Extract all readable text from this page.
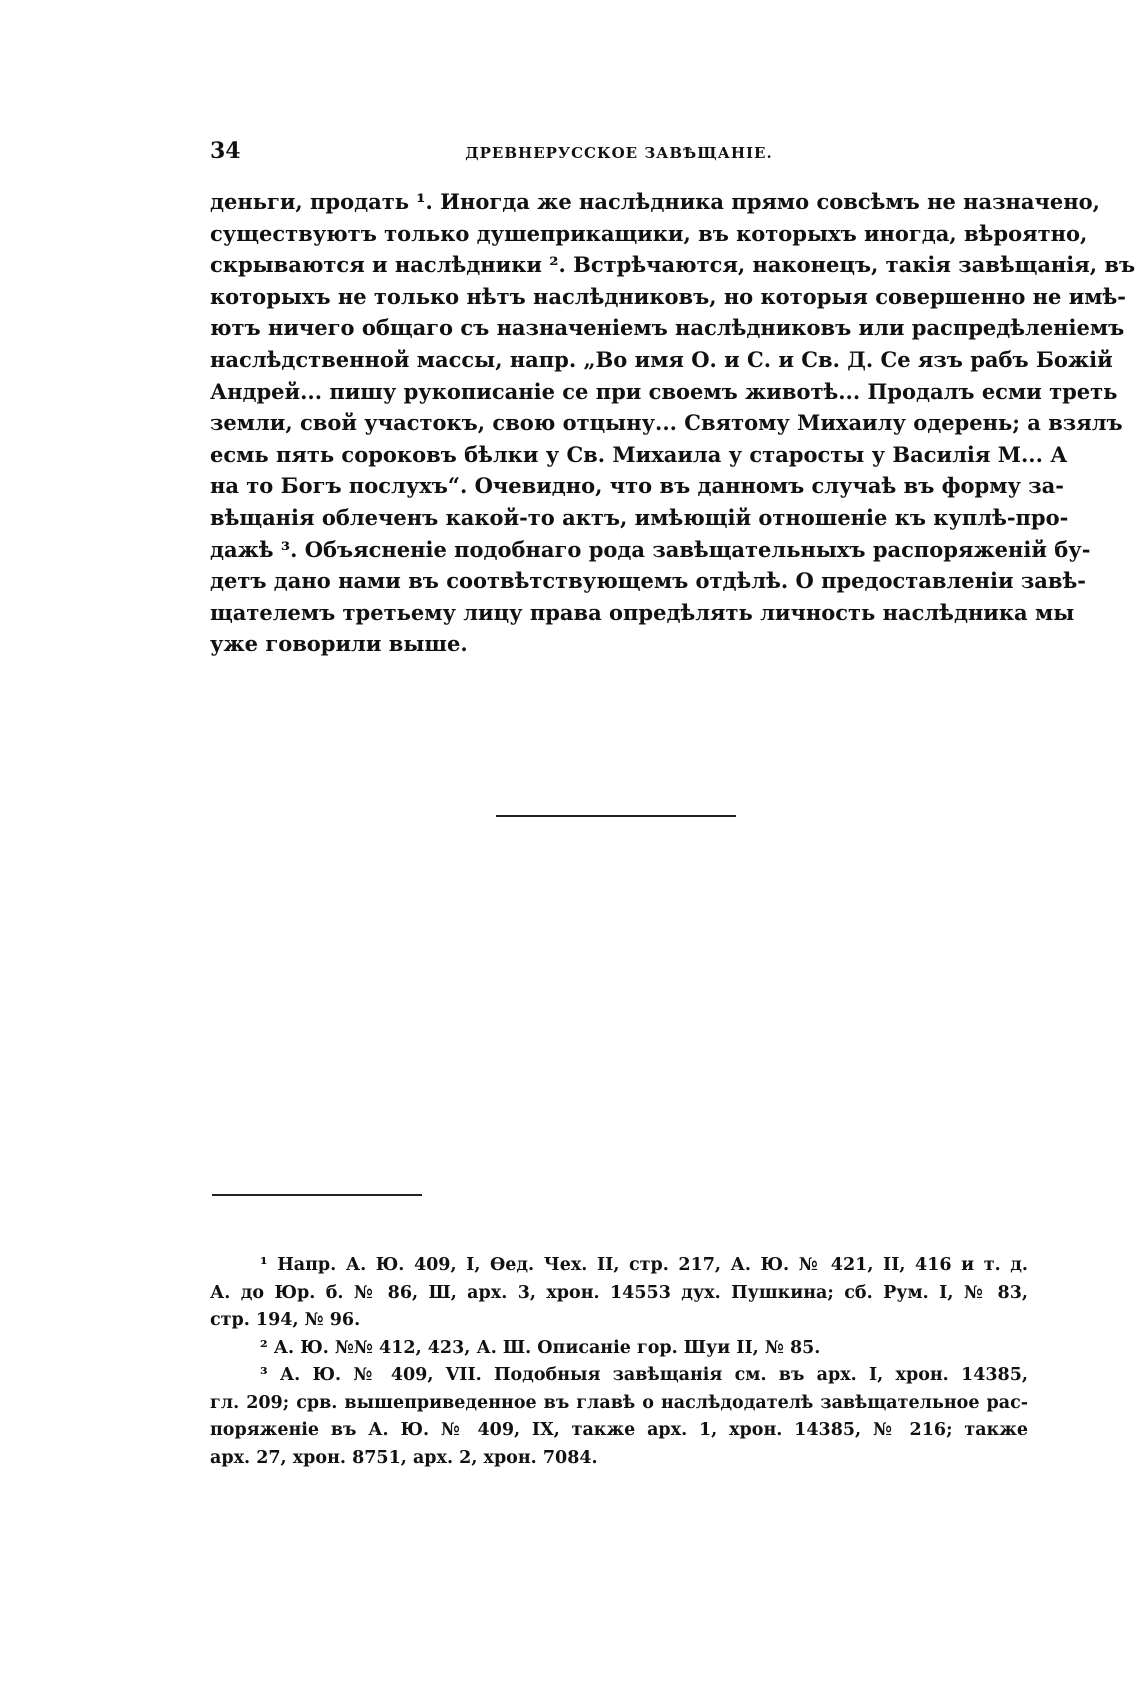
34	ДРЕВНЕРУССКОЕ ЗАВѢЩАНІЕ.
деньги, продать ¹. Иногда же наслѣдника прямо совсѣмъ не назначено,
существуютъ только душеприкащики, въ которыхъ иногда, вѣроятно,
скрываются и наслѣдники ². Встрѣчаются, наконецъ, такія завѣщанія, въ
которыхъ не только нѣтъ наслѣдниковъ, но которыя совершенно не имѣ-
ютъ ничего общаго съ назначеніемъ наслѣдниковъ или распредѣленіемъ
наслѣдственной массы, напр. „Во имя О. и С. и Св. Д. Се язъ рабъ Божій
Андрей... пишу рукописаніе се при своемъ животѣ... Продалъ есми треть
земли, свой участокъ, свою отцыну... Святому Михаилу одерень; а взялъ
есмь пять сороковъ бѣлки у Св. Михаила у старосты у Василія М... А
на то Богъ послухъ“. Очевидно, что въ данномъ случаѣ въ форму за-
вѣщанія облеченъ какой-то актъ, имѣющій отношеніе къ куплѣ-про-
дажѣ ³. Объясненіе подобнаго рода завѣщательныхъ распоряженій бу-
детъ дано нами въ соотвѣтствующемъ отдѣлѣ. О предоставленіи завѣ-
щателемъ третьему лицу права опредѣлять личность наслѣдника мы
уже говорили выше.
¹ Напр. А. Ю. 409, I, Ѳед. Чех. II, стр. 217, А. Ю. № 421, II, 416 и т. д.
А. до Юр. б. № 86, Ш, арх. 3, хрон. 14553 дух. Пушкина; сб. Рум. I, № 83,
стр. 194, № 96.
² А. Ю. №№ 412, 423, А. Ш. Описаніе гор. Шуи II, № 85.
³ А. Ю. № 409, VII. Подобныя завѣщанія см. въ арх. I, хрон. 14385,
гл. 209; срв. вышеприведенное въ главѣ о наслѣдодателѣ завѣщательное рас-
поряженіе въ А. Ю. № 409, IX, также арх. 1, хрон. 14385, № 216; также
арх. 27, хрон. 8751, арх. 2, хрон. 7084.
